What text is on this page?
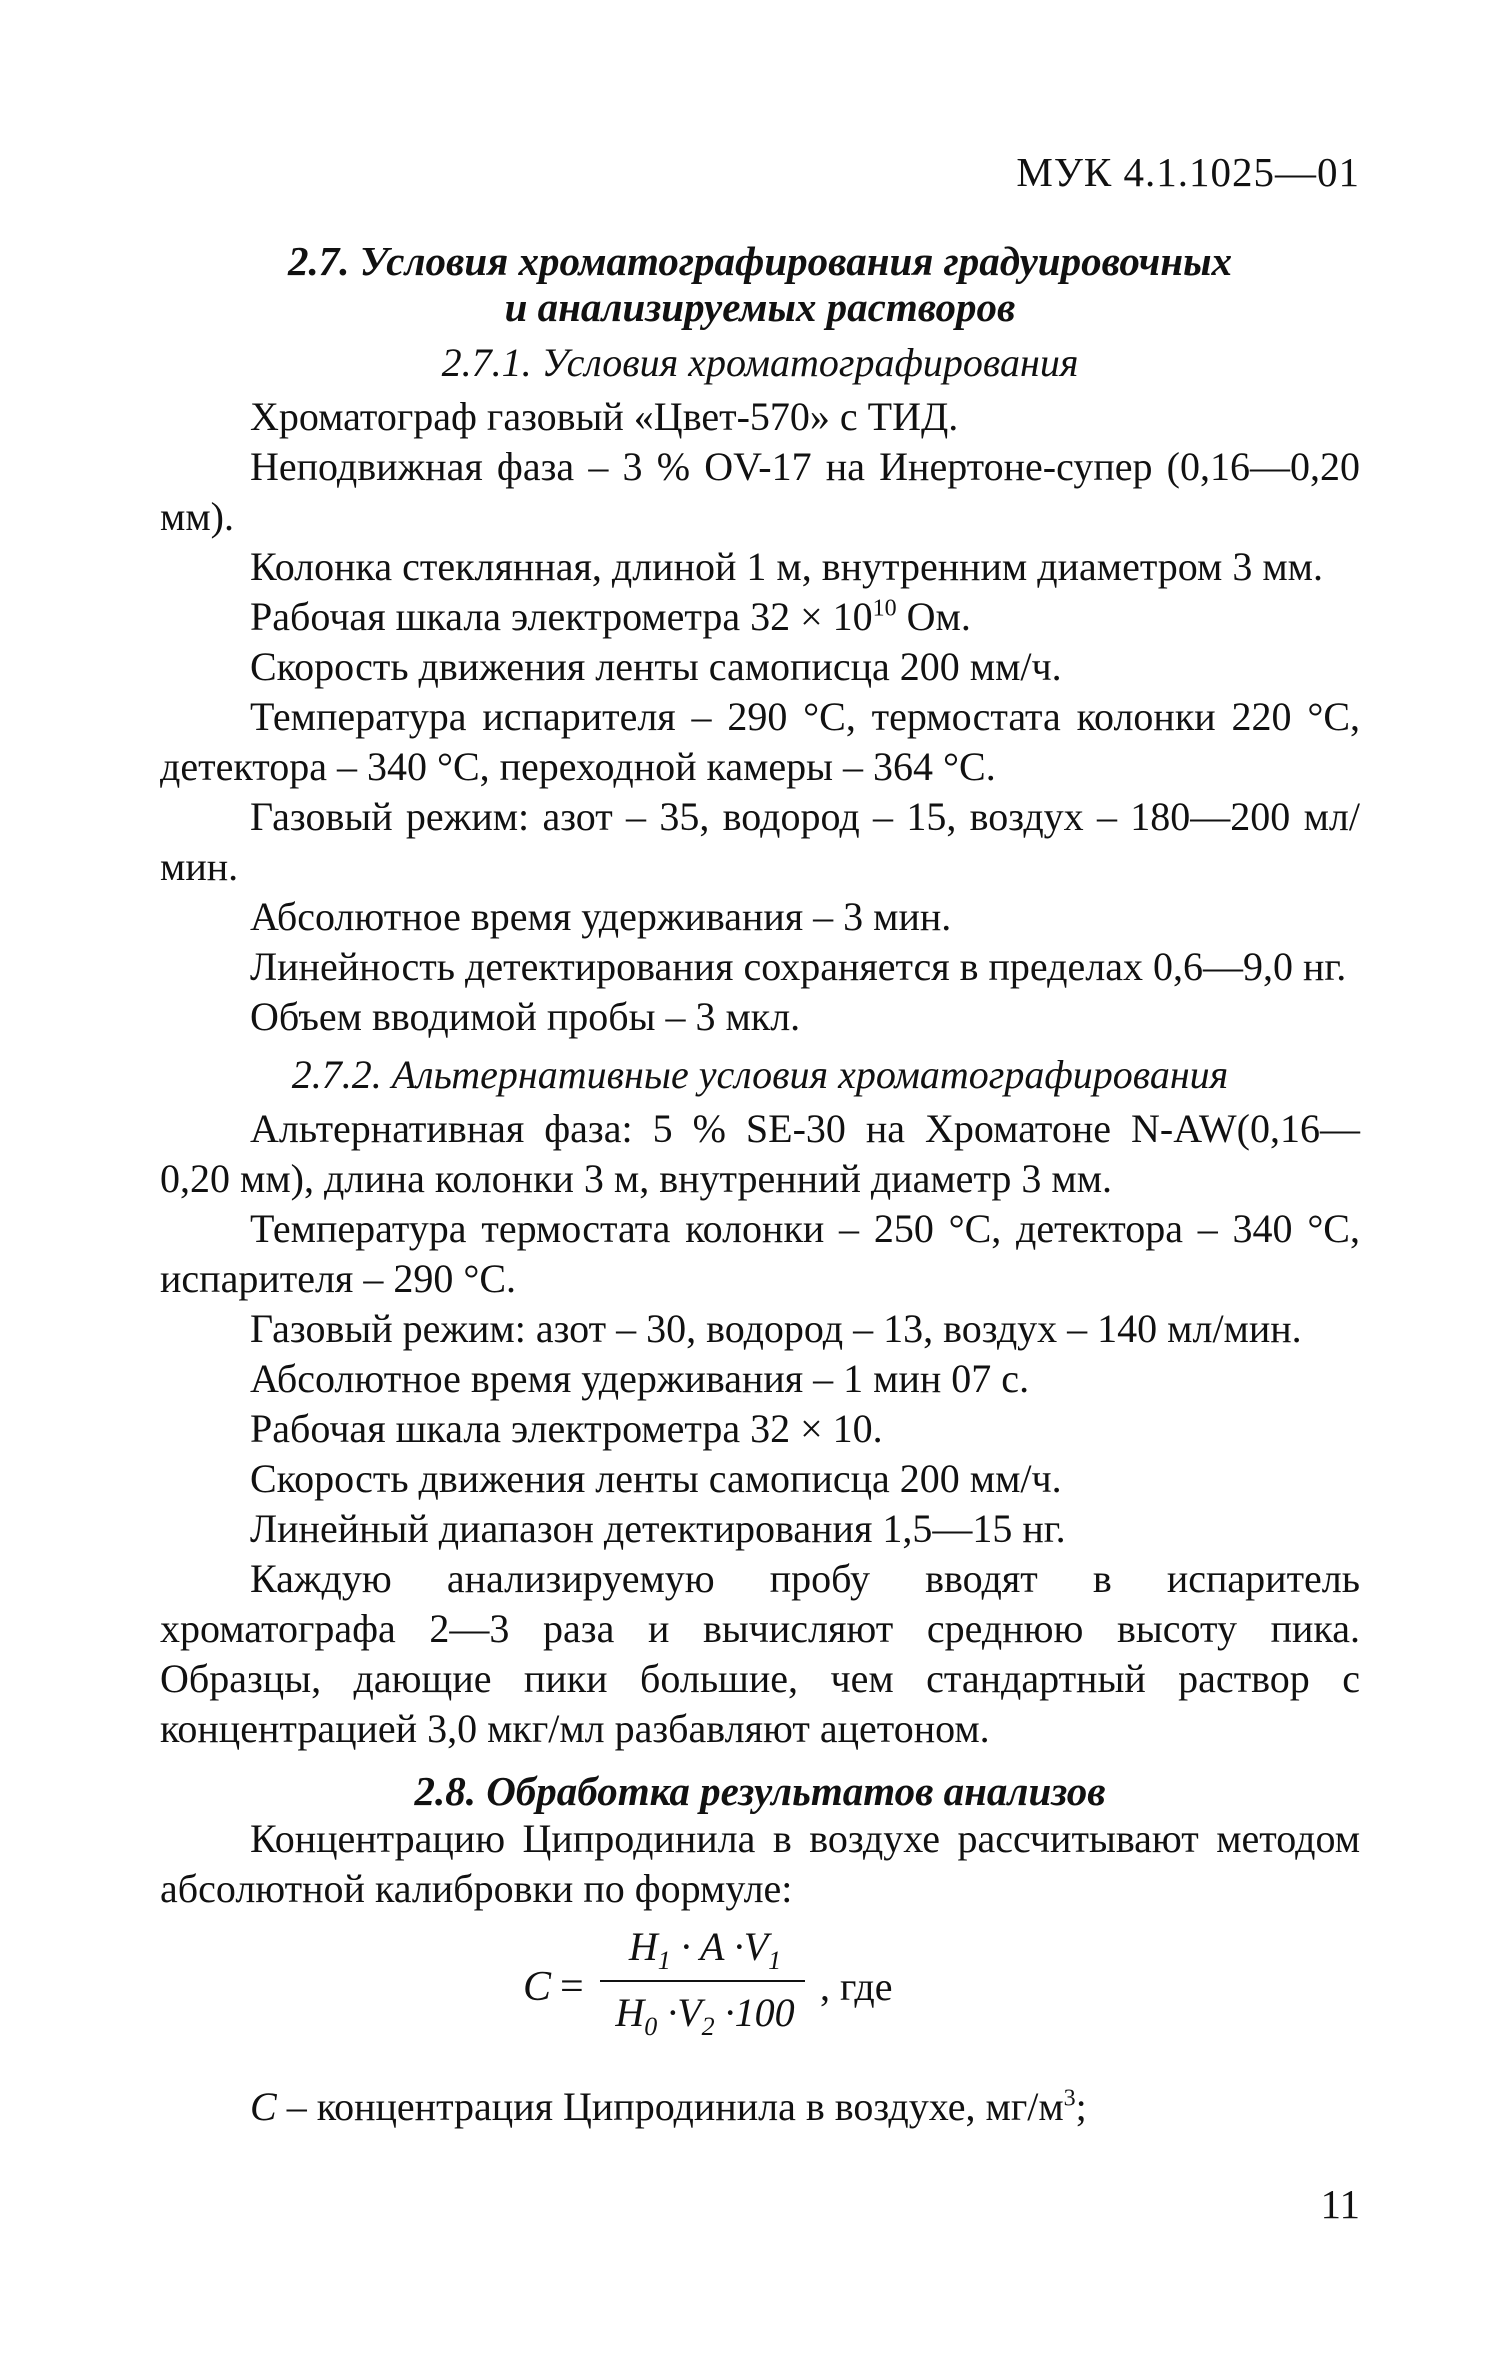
МУК 4.1.1025—01
2.7. Условия хроматографирования градуировочных
и анализируемых растворов
2.7.1. Условия хроматографирования

Хроматограф газовый «Цвет-570» с ТИД.

Неподвижная фаза – 3 % OV-17 на Инертоне-супер (0,16—0,20 мм).

Колонка стеклянная, длиной 1 м, внутренним диаметром 3 мм.

Рабочая шкала электрометра $32 \times 10^{10}$ Ом.

Скорость движения ленты самописца 200 мм/ч.

Температура испарителя – 290 °С, термостата колонки 220 °С, детектора – 340 °С, переходной камеры – 364 °С.

Газовый режим: азот – 35, водород – 15, воздух – 180—200 мл/мин.

Абсолютное время удерживания – 3 мин.

Линейность детектирования сохраняется в пределах 0,6—9,0 нг.

Объем вводимой пробы – 3 мкл.

2.7.2. Альтернативные условия хроматографирования

Альтернативная фаза: 5 % SE-30 на Хроматоне N-AW(0,16—0,20 мм), длина колонки 3 м, внутренний диаметр 3 мм.

Температура термостата колонки – 250 °С, детектора – 340 °С, испарителя – 290 °С.

Газовый режим: азот – 30, водород – 13, воздух – 140 мл/мин.

Абсолютное время удерживания – 1 мин 07 с.

Рабочая шкала электрометра 32 × 10.

Скорость движения ленты самописца 200 мм/ч.

Линейный диапазон детектирования 1,5—15 нг.

Каждую анализируемую пробу вводят в испаритель хроматографа 2—3 раза и вычисляют среднюю высоту пика. Образцы, дающие пики большие, чем стандартный раствор с концентрацией 3,0 мкг/мл разбавляют ацетоном.

2.8. Обработка результатов анализов

Концентрацию Ципродинила в воздухе рассчитывают методом абсолютной калибровки по формуле:

C =
$H_1 \cdot A \cdot V_1$
$H_0 \cdot V_2 \cdot 100$
, где

C – концентрация Ципродинила в воздухе, $мг/м^3$;

11
